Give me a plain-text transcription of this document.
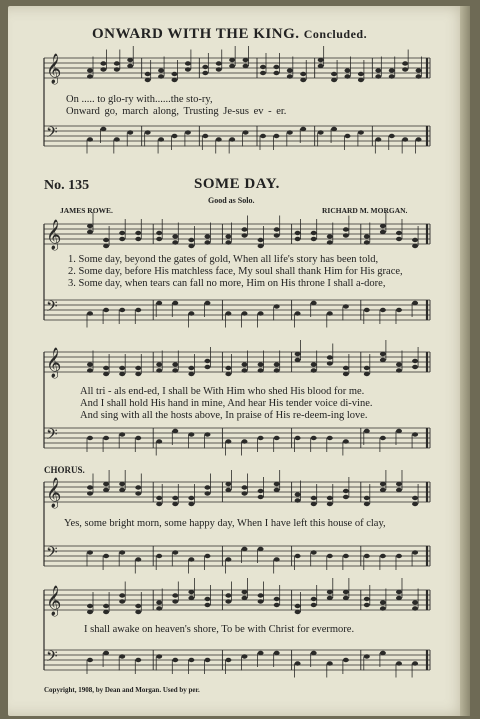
𝄞
𝄢
𝄞
𝄢
𝄞
𝄢
𝄞
𝄢
𝄞
𝄢
ONWARD WITH THE KING. Concluded.
On ..... to glo-ry with......the sto-ry,
Onward go, march along, Trusting Je-sus ev - er.
No. 135	SOME DAY.
Good as Solo.
JAMES ROWE.	RICHARD M. MORGAN.
1. Some day, beyond the gates of gold, When all life's story has been told,
2. Some day, before His matchless face, My soul shall thank Him for His grace,
3. Some day, when tears can fall no more, Him on His throne I shall a-dore,
All tri - als end-ed, I shall be With Him who shed His blood for me.
And I shall hold His hand in mine, And hear His tender voice di-vine.
And sing with all the hosts above, In praise of His re-deem-ing love.
CHORUS.
Yes, some bright morn, some happy day, When I have left this house of clay,
I shall awake on heaven's shore, To be with Christ for evermore.
Copyright, 1908, by Dean and Morgan. Used by per.
